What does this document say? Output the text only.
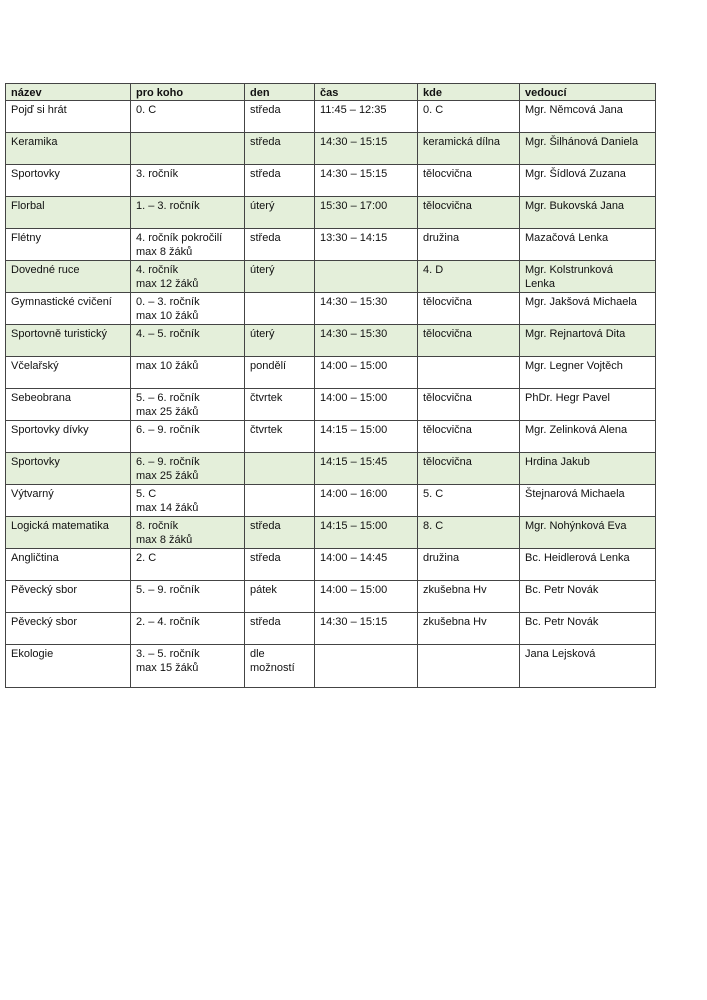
název	pro koho	den	čas	kde	vedoucí
Pojď si hrát	0. C	středa	11:45 – 12:35	0. C	Mgr. Němcová Jana

Keramika		středa	14:30 – 15:15	keramická dílna	Mgr. Šilhánová Daniela

Sportovky	3. ročník	středa	14:30 – 15:15	tělocvična	Mgr. Šídlová Zuzana

Florbal	1. – 3. ročník	úterý	15:30 – 17:00	tělocvična	Mgr. Bukovská Jana

Flétny	4. ročník pokročilí
max 8 žáků	středa	13:30 – 14:15	družina	Mazačová Lenka

Dovedné ruce	4. ročník
max 12 žáků	úterý		4. D	Mgr. Kolstrunková
Lenka

Gymnastické cvičení	0. – 3. ročník
max 10 žáků		14:30 – 15:30	tělocvična	Mgr. Jakšová Michaela

Sportovně turistický	4. – 5. ročník	úterý	14:30 – 15:30	tělocvična	Mgr. Rejnartová Dita

Včelařský	max 10 žáků	pondělí	14:00 – 15:00		Mgr. Legner Vojtěch

Sebeobrana	5. – 6. ročník
max 25 žáků	čtvrtek	14:00 – 15:00	tělocvična	PhDr. Hegr Pavel

Sportovky dívky	6. – 9. ročník	čtvrtek	14:15 – 15:00	tělocvična	Mgr. Zelinková Alena

Sportovky	6. – 9. ročník
max 25 žáků		14:15 – 15:45	tělocvična	Hrdina Jakub

Výtvarný	5. C
max 14 žáků		14:00 – 16:00	5. C	Štejnarová Michaela

Logická matematika	8. ročník
max 8 žáků	středa	14:15 – 15:00	8. C	Mgr. Nohýnková Eva

Angličtina	2. C	středa	14:00 – 14:45	družina	Bc. Heidlerová Lenka

Pěvecký sbor	5. – 9. ročník	pátek	14:00 – 15:00	zkušebna Hv	Bc. Petr Novák

Pěvecký sbor	2. – 4. ročník	středa	14:30 – 15:15	zkušebna Hv	Bc. Petr Novák

Ekologie	3. – 5. ročník
max 15 žáků	dle
možností			Jana Lejsková
